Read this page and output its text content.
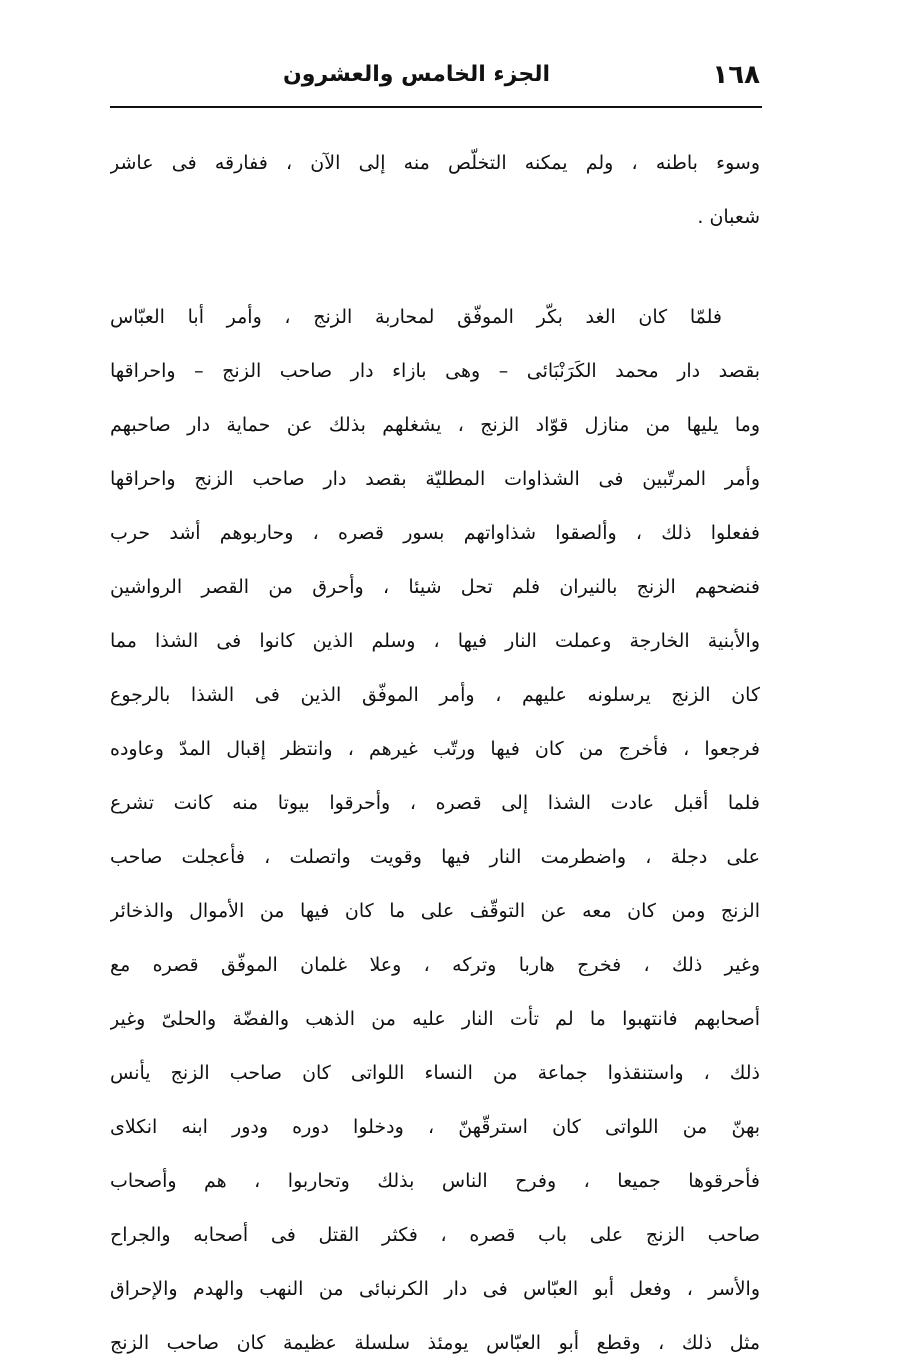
١٦٨
الجزء الخامس والعشرون
وسوء باطنه ، ولم يمكنه التخلّص منه إلى الآن ، ففارقه فى عاشر
شعبان .
فلمّا كان الغد بكّر الموفّق لمحاربة الزنج ، وأمر أبا العبّاس
بقصد دار محمد الكَرَنْبَائى – وهى بازاء دار صاحب الزنج – واحراقها
وما يليها من منازل قوّاد الزنج ، يشغلهم بذلك عن حماية دار صاحبهم
وأمر المرتّبين فى الشذاوات المطليّة بقصد دار صاحب الزنج واحراقها
ففعلوا ذلك ، وألصقوا شذاواتهم بسور قصره ، وحاربوهم أشد حرب
فنضحهم الزنج بالنيران فلم تحل شيئا ، وأحرق من القصر الرواشين
والأبنية الخارجة وعملت النار فيها ، وسلم الذين كانوا فى الشذا مما
كان الزنج يرسلونه عليهم ، وأمر الموفّق الذين فى الشذا بالرجوع
فرجعوا ، فأخرج من كان فيها ورتّب غيرهم ، وانتظر إقبال المدّ وعاوده
فلما أقبل عادت الشذا إلى قصره ، وأحرقوا بيوتا منه كانت تشرع
على دجلة ، واضطرمت النار فيها وقويت واتصلت ، فأعجلت صاحب
الزنج ومن كان معه عن التوقّف على ما كان فيها من الأموال والذخائر
وغير ذلك ، فخرج هاربا وتركه ، وعلا غلمان الموفّق قصره مع
أصحابهم فانتهبوا ما لم تأت النار عليه من الذهب والفضّة والحلىّ وغير
ذلك ، واستنقذوا جماعة من النساء اللواتى كان صاحب الزنج يأنس
بهنّ من اللواتى كان استرقّهنّ ، ودخلوا دوره ودور ابنه انكلاى
فأحرقوها جميعا ، وفرح الناس بذلك وتحاربوا ، هم وأصحاب
صاحب الزنج على باب قصره ، فكثر القتل فى أصحابه والجراح
والأسر ، وفعل أبو العبّاس فى دار الكرنبائى من النهب والهدم والإحراق
مثل ذلك ، وقطع أبو العبّاس يومئذ سلسلة عظيمة كان صاحب الزنج
